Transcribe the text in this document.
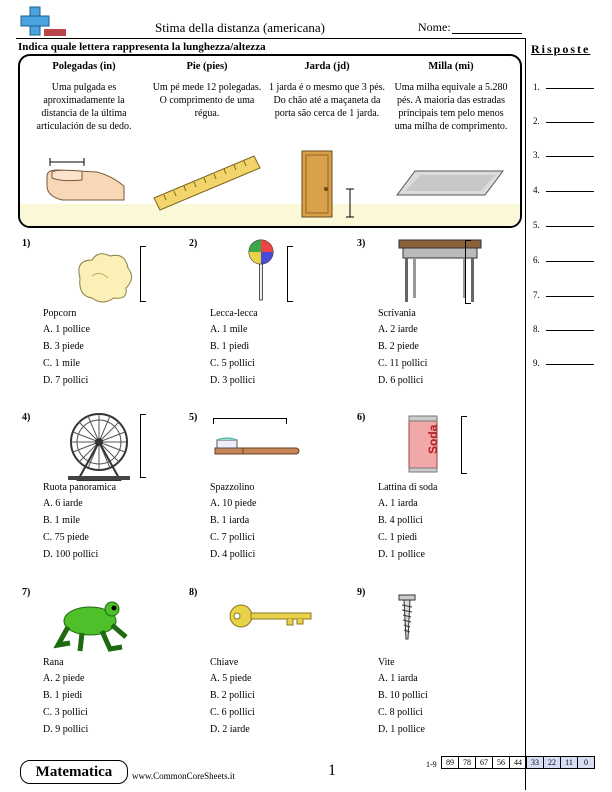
Stima della distanza (americana)	Nome:
Indica quale lettera rappresenta la lunghezza/altezza
Polegadas (in)
Uma pulgada es aproximadamente la distancia de la última articulación de su dedo.
Pie (pies)
Um pé mede 12 polegadas. O comprimento de uma régua.
Jarda (jd)
1 jarda é o mesmo que 3 pés. Do chão até a maçaneta da porta são cerca de 1 jarda.
Milla (mi)
Uma milha equivale a 5.280 pés. A maioria das estradas principais tem pelo menos uma milha de comprimento.
Risposte
1.
2.
3.
4.
5.
6.
7.
8.
9.
1)
Popcorn
A. 1 pollice
B. 3 piede
C. 1 mile
D. 7 pollici
2)
Lecca-lecca
A. 1 mile
B. 1 piedi
C. 5 pollici
D. 3 pollici
3)
Scrivania
A. 2 iarde
B. 2 piede
C. 11 pollici
D. 6 pollici
4)
Ruota panoramica
A. 6 iarde
B. 1 mile
C. 75 piede
D. 100 pollici
5)
Spazzolino
A. 10 piede
B. 1 iarda
C. 7 pollici
D. 4 pollici
6)
Soda
Lattina di soda
A. 1 iarda
B. 4 pollici
C. 1 piedi
D. 1 pollice
7)
Rana
A. 2 piede
B. 1 piedi
C. 3 pollici
D. 9 pollici
8)
Chiave
A. 5 piede
B. 2 pollici
C. 6 pollici
D. 2 iarde
9)
Vite
A. 1 iarda
B. 10 pollici
C. 8 pollici
D. 1 pollice
Matematica	www.CommonCoreSheets.it	1	1-9	89	78	67	56	44	33	22	11	0
